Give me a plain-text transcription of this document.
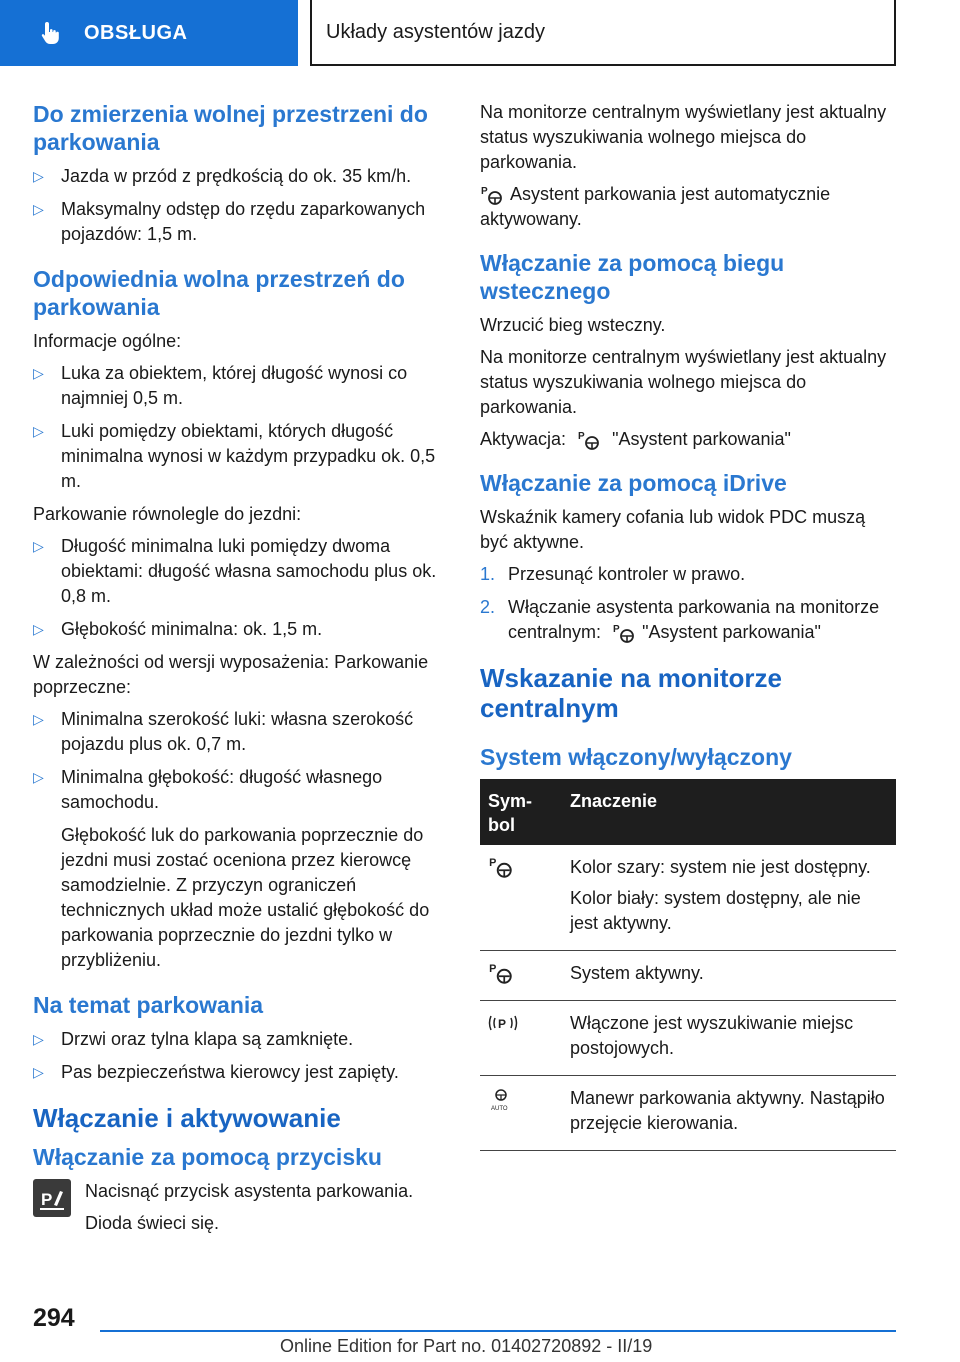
OBSŁUGA	Układy asystentów jazdy
Do zmierzenia wolnej przestrzeni do parkowania
▷ Jazda w przód z prędkością do ok. 35 km/h.
▷ Maksymalny odstęp do rzędu zaparkowanych pojazdów: 1,5 m.
Odpowiednia wolna przestrzeń do parkowania

Informacje ogólne:

▷ Luka za obiektem, której długość wynosi co najmniej 0,5 m.
▷ Luki pomiędzy obiektami, których długość minimalna wynosi w każdym przypadku ok. 0,5 m.

Parkowanie równolegle do jezdni:

▷ Długość minimalna luki pomiędzy dwoma obiektami: długość własna samochodu plus ok. 0,8 m.
▷ Głębokość minimalna: ok. 1,5 m.

W zależności od wersji wyposażenia: Parkowanie poprzeczne:

▷ Minimalna szerokość luki: własna szerokość pojazdu plus ok. 0,7 m.
▷ Minimalna głębokość: długość własnego samochodu.
Głębokość luk do parkowania poprzecznie do jezdni musi zostać oceniona przez kierowcę samodzielnie. Z przyczyn ograniczeń technicznych układ może ustalić głębokość do parkowania poprzecznie do jezdni tylko w przybliżeniu.
Na temat parkowania
▷ Drzwi oraz tylna klapa są zamknięte.
▷ Pas bezpieczeństwa kierowcy jest zapięty.
Włączanie i aktywowanie
Włączanie za pomocą przycisku
P Nacisnąć przycisk asystenta parkowania.

Dioda świeci się.

Na monitorze centralnym wyświetlany jest aktualny status wyszukiwania wolnego miejsca do parkowania.

P Asystent parkowania jest automatycznie aktywowany.

Włączanie za pomocą biegu wstecznego

Wrzucić bieg wsteczny.

Na monitorze centralnym wyświetlany jest aktualny status wyszukiwania wolnego miejsca do parkowania.

Aktywacja: P "Asystent parkowania"

Włączanie za pomocą iDrive

Wskaźnik kamery cofania lub widok PDC muszą być aktywne.

1. Przesunąć kontroler w prawo.
2. Włączanie asystenta parkowania na monitorze centralnym: P "Asystent parkowania"
Wskazanie na monitorze centralnym
System włączony/wyłączony
Sym-bol	Znaczenie

P	Kolor szary: system nie jest dostępny.

Kolor biały: system dostępny, ale nie jest aktywny.

P	System aktywny.

P	Włączone jest wyszukiwanie miejsc postojowych.

AUTO	Manewr parkowania aktywny. Nastąpiło przejęcie kierowania.

294
Online Edition for Part no. 01402720892 - II/19
